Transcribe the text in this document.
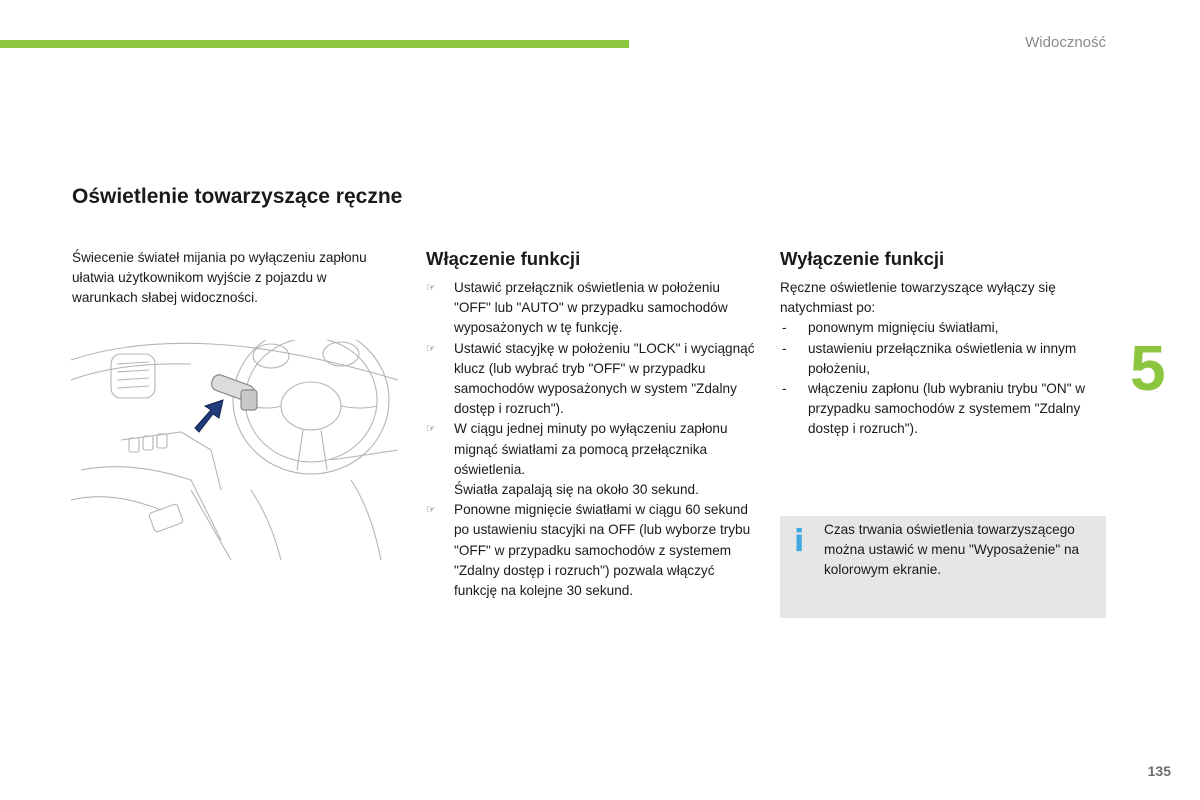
Widoczność
5
135
Oświetlenie towarzyszące ręczne
Świecenie świateł mijania po wyłączeniu zapłonu ułatwia użytkownikom wyjście z pojazdu w warunkach słabej widoczności.
Włączenie funkcji
☞ Ustawić przełącznik oświetlenia w położeniu "OFF" lub "AUTO" w przypadku samochodów wyposażonych w tę funkcję.
☞ Ustawić stacyjkę w położeniu "LOCK" i wyciągnąć klucz (lub wybrać tryb "OFF" w przypadku samochodów wyposażonych w system "Zdalny dostęp i rozruch").
☞ W ciągu jednej minuty po wyłączeniu zapłonu mignąć światłami za pomocą przełącznika oświetlenia.
Światła zapalają się na około 30 sekund.
☞ Ponowne mignięcie światłami w ciągu 60 sekund po ustawieniu stacyjki na OFF (lub wyborze trybu "OFF" w przypadku samochodów z systemem "Zdalny dostęp i rozruch") pozwala włączyć funkcję na kolejne 30 sekund.
Wyłączenie funkcji
Ręczne oświetlenie towarzyszące wyłączy się natychmiast po:
- ponownym mignięciu światłami,
- ustawieniu przełącznika oświetlenia w innym położeniu,
- włączeniu zapłonu (lub wybraniu trybu "ON" w przypadku samochodów z systemem "Zdalny dostęp i rozruch").
i Czas trwania oświetlenia towarzyszącego można ustawić w menu "Wyposażenie" na kolorowym ekranie.
